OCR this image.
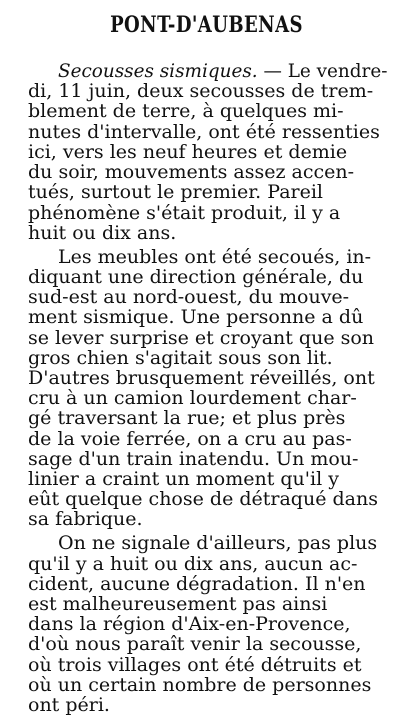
PONT-D'AUBENAS
Secousses sismiques. — Le vendre-
di, 11 juin, deux secousses de trem-
blement de terre, à quelques mi-
nutes d'intervalle, ont été ressenties
ici, vers les neuf heures et demie
du soir, mouvements assez accen-
tués, surtout le premier. Pareil
phénomène s'était produit, il y a
huit ou dix ans.
Les meubles ont été secoués, in-
diquant une direction générale, du
sud-est au nord-ouest, du mouve-
ment sismique. Une personne a dû
se lever surprise et croyant que son
gros chien s'agitait sous son lit.
D'autres brusquement réveillés, ont
cru à un camion lourdement char-
gé traversant la rue; et plus près
de la voie ferrée, on a cru au pas-
sage d'un train inatendu. Un mou-
linier a craint un moment qu'il y
eût quelque chose de détraqué dans
sa fabrique.
On ne signale d'ailleurs, pas plus
qu'il y a huit ou dix ans, aucun ac-
cident, aucune dégradation. Il n'en
est malheureusement pas ainsi
dans la région d'Aix-en-Provence,
d'où nous paraît venir la secousse,
où trois villages ont été détruits et
où un certain nombre de personnes
ont péri.
